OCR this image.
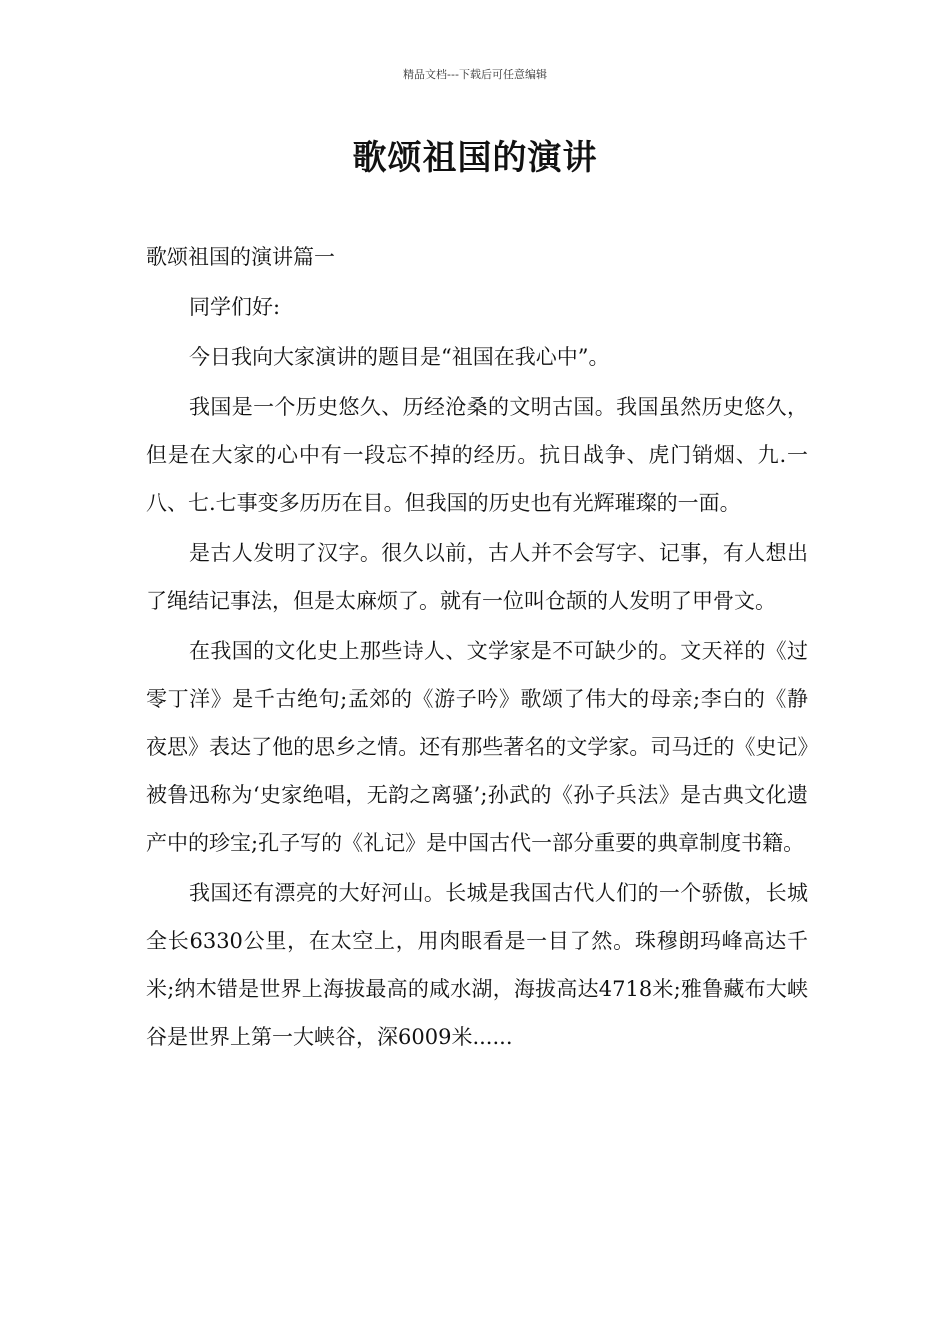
精品文档---下载后可任意编辑
歌颂祖国的演讲

歌颂祖国的演讲篇一

同学们好:

今日我向大家演讲的题目是“祖国在我心中”。

我国是一个历史悠久、历经沧桑的文明古国。我国虽然历史悠久，但是在大家的心中有一段忘不掉的经历。抗日战争、虎门销烟、九.一八、七.七事变多历历在目。但我国的历史也有光辉璀璨的一面。

是古人发明了汉字。很久以前，古人并不会写字、记事，有人想出了绳结记事法，但是太麻烦了。就有一位叫仓颉的人发明了甲骨文。

在我国的文化史上那些诗人、文学家是不可缺少的。文天祥的《过零丁洋》是千古绝句;孟郊的《游子吟》歌颂了伟大的母亲;李白的《静夜思》表达了他的思乡之情。还有那些著名的文学家。司马迁的《史记》被鲁迅称为‘史家绝唱，无韵之离骚’;孙武的《孙子兵法》是古典文化遗产中的珍宝;孔子写的《礼记》是中国古代一部分重要的典章制度书籍。

我国还有漂亮的大好河山。长城是我国古代人们的一个骄傲，长城全长6330公里，在太空上，用肉眼看是一目了然。珠穆朗玛峰高达千米;纳木错是世界上海拔最高的咸水湖，海拔高达4718米;雅鲁藏布大峡谷是世界上第一大峡谷，深6009米......
